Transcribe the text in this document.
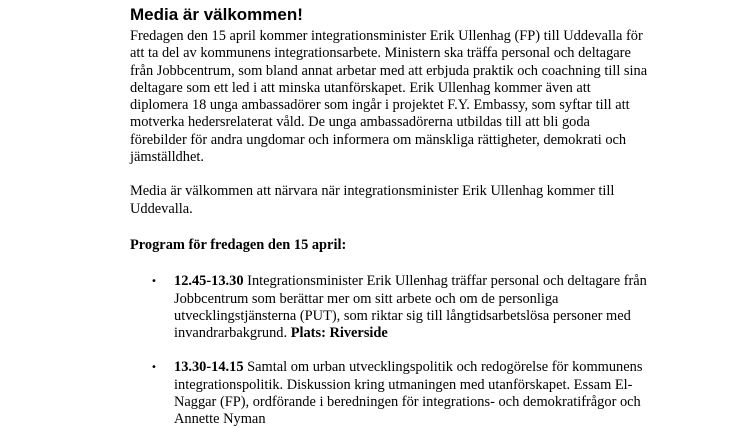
Media är välkommen!

Fredagen den 15 april kommer integrationsminister Erik Ullenhag (FP) till Uddevalla för att ta del av kommunens integrationsarbete. Ministern ska träffa personal och deltagare från Jobbcentrum, som bland annat arbetar med att erbjuda praktik och coachning till sina deltagare som ett led i att minska utanförskapet. Erik Ullenhag kommer även att diplomera 18 unga ambassadörer som ingår i projektet F.Y. Embassy, som syftar till att motverka hedersrelaterat våld. De unga ambassadörerna utbildas till att bli goda förebilder för andra ungdomar och informera om mänskliga rättigheter, demokrati och jämställdhet.

Media är välkommen att närvara när integrationsminister Erik Ullenhag kommer till Uddevalla.

Program för fredagen den 15 april:

• 12.45-13.30 Integrationsminister Erik Ullenhag träffar personal och deltagare från Jobbcentrum som berättar mer om sitt arbete och om de personliga utvecklingstjänsterna (PUT), som riktar sig till långtidsarbetslösa personer med invandrarbakgrund. Plats: Riverside
• 13.30-14.15 Samtal om urban utvecklingspolitik och redogörelse för kommunens integrationspolitik. Diskussion kring utmaningen med utanförskapet. Essam El-Naggar (FP), ordförande i beredningen för integrations- och demokratifrågor och Annette Nyman
